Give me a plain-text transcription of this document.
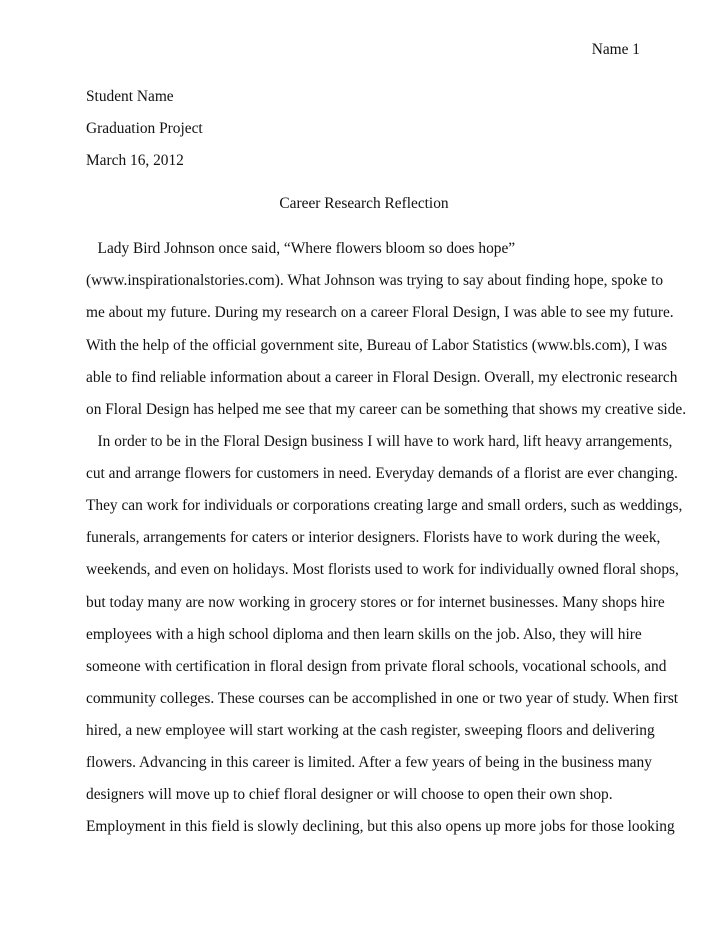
Name 1
Student Name
Graduation Project
March 16, 2012
Career Research Reflection
Lady Bird Johnson once said, “Where flowers bloom so does hope”
(www.inspirationalstories.com). What Johnson was trying to say about finding hope, spoke to
me about my future. During my research on a career Floral Design, I was able to see my future.
With the help of the official government site, Bureau of Labor Statistics (www.bls.com), I was
able to find reliable information about a career in Floral Design. Overall, my electronic research
on Floral Design has helped me see that my career can be something that shows my creative side.
In order to be in the Floral Design business I will have to work hard, lift heavy arrangements,
cut and arrange flowers for customers in need. Everyday demands of a florist are ever changing.
They can work for individuals or corporations creating large and small orders, such as weddings,
funerals, arrangements for caters or interior designers. Florists have to work during the week,
weekends, and even on holidays. Most florists used to work for individually owned floral shops,
but today many are now working in grocery stores or for internet businesses. Many shops hire
employees with a high school diploma and then learn skills on the job. Also, they will hire
someone with certification in floral design from private floral schools, vocational schools, and
community colleges. These courses can be accomplished in one or two year of study. When first
hired, a new employee will start working at the cash register, sweeping floors and delivering
flowers. Advancing in this career is limited. After a few years of being in the business many
designers will move up to chief floral designer or will choose to open their own shop.
Employment in this field is slowly declining, but this also opens up more jobs for those looking
